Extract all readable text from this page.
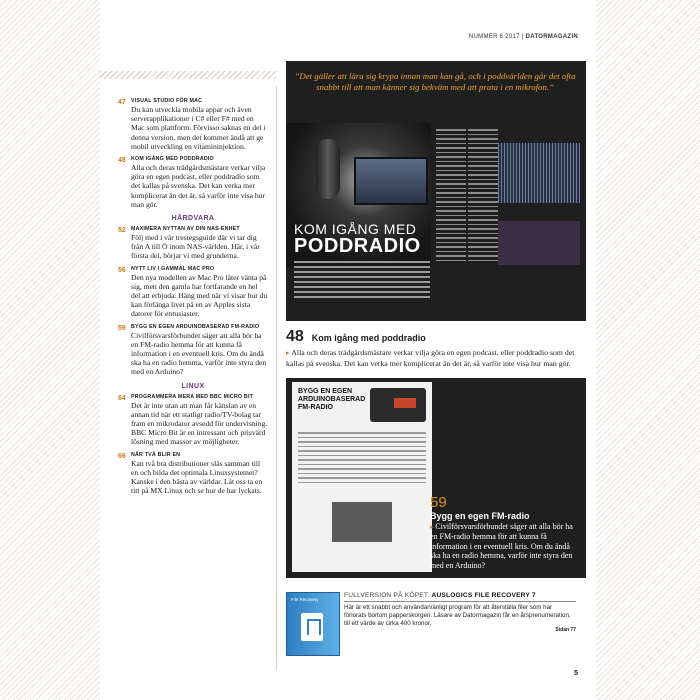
NUMMER 6 2017 | DATORMAGAZIN
47 VISUAL STUDIO FÖR MAC
Du kan utveckla mobila appar och även serverapplikationer i C# eller F# med en Mac som plattform. Förvisso saknas en del i denna version, men det kommer ändå att ge mobil utveckling en vitamininjektion.
48 KOM IGÅNG MED PODDRADIO
Alla och deras trädgårdsmästare verkar vilja göra en egen podcast, eller poddradio som det kallas på svenska. Det kan verka mer komplicerat än det är, så varför inte visa hur man gör.
HÅRDVARA
52 MAXIMERA NYTTAN AV DIN NAS-ENHET
Följ med i vår trestegsguide där vi tar dig från A till Ö inom NAS-världen. Här, i vår första del, börjar vi med grunderna.
56 NYTT LIV I GAMMAL MAC PRO
Den nya modellen av Mac Pro låter vänta på sig, men den gamla har fortfarande en hel del att erbjuda. Häng med när vi visar hur du kan förlänga livet på en av Apples sista datorer för entusiaster.
59 BYGG EN EGEN ARDUINOBASERAD FM-RADIO
Civilförsvarsförbundet säger att alla bör ha en FM-radio hemma för att kunna få information i en eventuell kris. Om du ändå ska ha en radio hemma, varför inte styra den med en Arduino?
LINUX
64 PROGRAMMERA MERA MED BBC MICRO BIT
Det är inte utan att man får känslan av en annan tid när ett statligt radio/TV-bolag tar fram en mikrodator avsedd för undervisning. BBC Micro Bit är en intressant och prisvärd lösning med massor av möjligheter.
66 NÄR TVÅ BLIR EN
Kan två bra distributioner slås samman till en och bilda det optimala Linuxsystemet? Kanske i den bästa av världar. Låt oss ta en titt på MX Linux och se hur de har lyckats.
”Det gäller att lära sig krypa innan man kan gå, och i poddvärlden går det ofta snabbt till att man känner sig bekväm med att prata i en mikrofon.”
KOM IGÅNG MED
PODDRADIO
48 Kom igång med poddradio
▸ Alla och deras trädgårdsmästare verkar vilja göra en egen podcast, eller poddradio som det kallas på svenska. Det kan verka mer komplicerat än det är, så varför inte visa hur man gör.
BYGG EN EGEN ARDUINOBASERAD FM-RADIO
59
Bygg en egen FM-radio
▸ Civilförsvarsförbundet säger att alla bör ha en FM-radio hemma för att kunna få information i en eventuell kris. Om du ändå ska ha en radio hemma, varför inte styra den med en Arduino?
File Recovery
FULLVERSION PÅ KÖPET: AUSLOGICS FILE RECOVERY 7
Här är ett snabbt och användarvänligt program för att återställa filer som har förlorats bortom papperskorgen. Läsare av Datormagazin får en årsprenumeration, till ett värde av cirka 400 kronor.
Sidan 77
5
